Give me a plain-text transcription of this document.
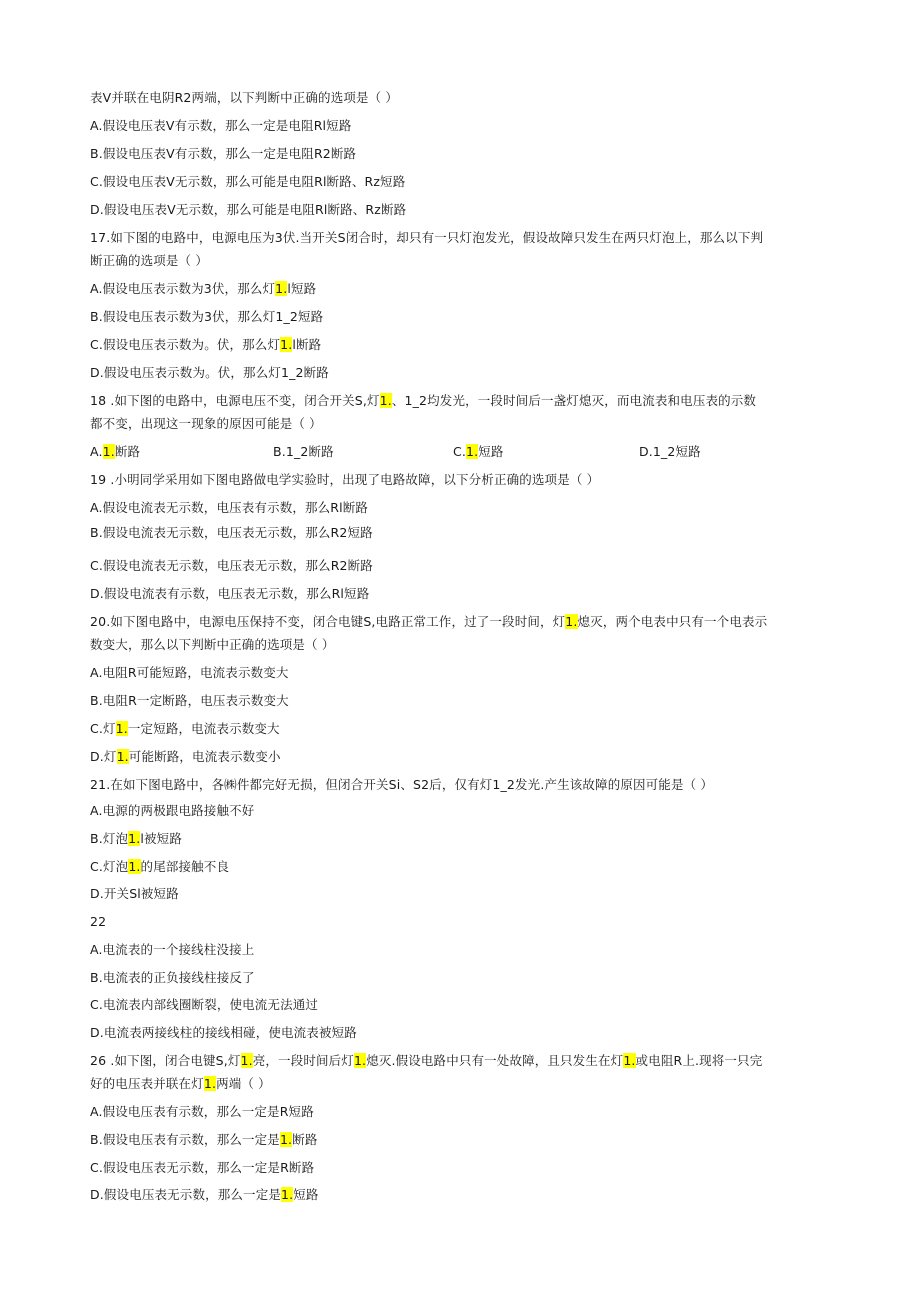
表V并联在电阴R2两端，以下判断中正确的选项是（ ）
A.假设电压表V有示数，那么一定是电阻Rl短路
B.假设电压表V有示数，那么一定是电阻R2断路
C.假设电压表V无示数，那么可能是电阻Rl断路、Rz短路
D.假设电压表V无示数，那么可能是电阻Rl断路、Rz断路
17.如下图的电路中，电源电压为3伏.当开关S闭合时，却只有一只灯泡发光，假设故障只发生在两只灯泡上，那么以下判
断正确的选项是（ ）
A.假设电压表示数为3伏，那么灯1.l短路
B.假设电压表示数为3伏，那么灯1_2短路
C.假设电压表示数为。伏，那么灯1.l断路
D.假设电压表示数为。伏，那么灯1_2断路
18 .如下图的电路中，电源电压不变，闭合开关S,灯1.、1_2均发光，一段时间后一盏灯熄灭，而电流表和电压表的示数
都不变，出现这一现象的原因可能是（ ）
A.1.断路	B.1_2断路	C.1.短路	D.1_2短路
19 .小明同学采用如下图电路做电学实验时，出现了电路故障，以下分析正确的选项是（ ）
A.假设电流表无示数，电压表有示数，那么Rl断路
B.假设电流表无示数，电压表无示数，那么R2短路
C.假设电流表无示数，电压表无示数，那么R2断路
D.假设电流表有示数，电压表无示数，那么Rl短路
20.如下图电路中，电源电压保持不变，闭合电键S,电路正常工作，过了一段时间，灯1.熄灭，两个电表中只有一个电表示
数变大，那么以下判断中正确的选项是（ ）
A.电阻R可能短路，电流表示数变大
B.电阻R一定断路，电压表示数变大
C.灯1.一定短路，电流表示数变大
D.灯1.可能断路，电流表示数变小
21.在如下图电路中，各㈱件都完好无损，但闭合开关Si、S2后，仅有灯1_2发光.产生该故障的原因可能是（ ）
A.电源的两极跟电路接触不好
B.灯泡1.l被短路
C.灯泡1.的尾部接触不良
D.开关Sl被短路
22
A.电流表的一个接线柱没接上
B.电流表的正负接线柱接反了
C.电流表内部线圈断裂，使电流无法通过
D.电流表两接线柱的接线相碰，使电流表被短路
26 .如下图，闭合电键S,灯1.亮，一段时间后灯1.熄灭.假设电路中只有一处故障，且只发生在灯1.或电阻R上.现将一只完
好的电压表并联在灯1.两端（ ）
A.假设电压表有示数，那么一定是R短路
B.假设电压表有示数，那么一定是1.断路
C.假设电压表无示数，那么一定是R断路
D.假设电压表无示数，那么一定是1.短路
